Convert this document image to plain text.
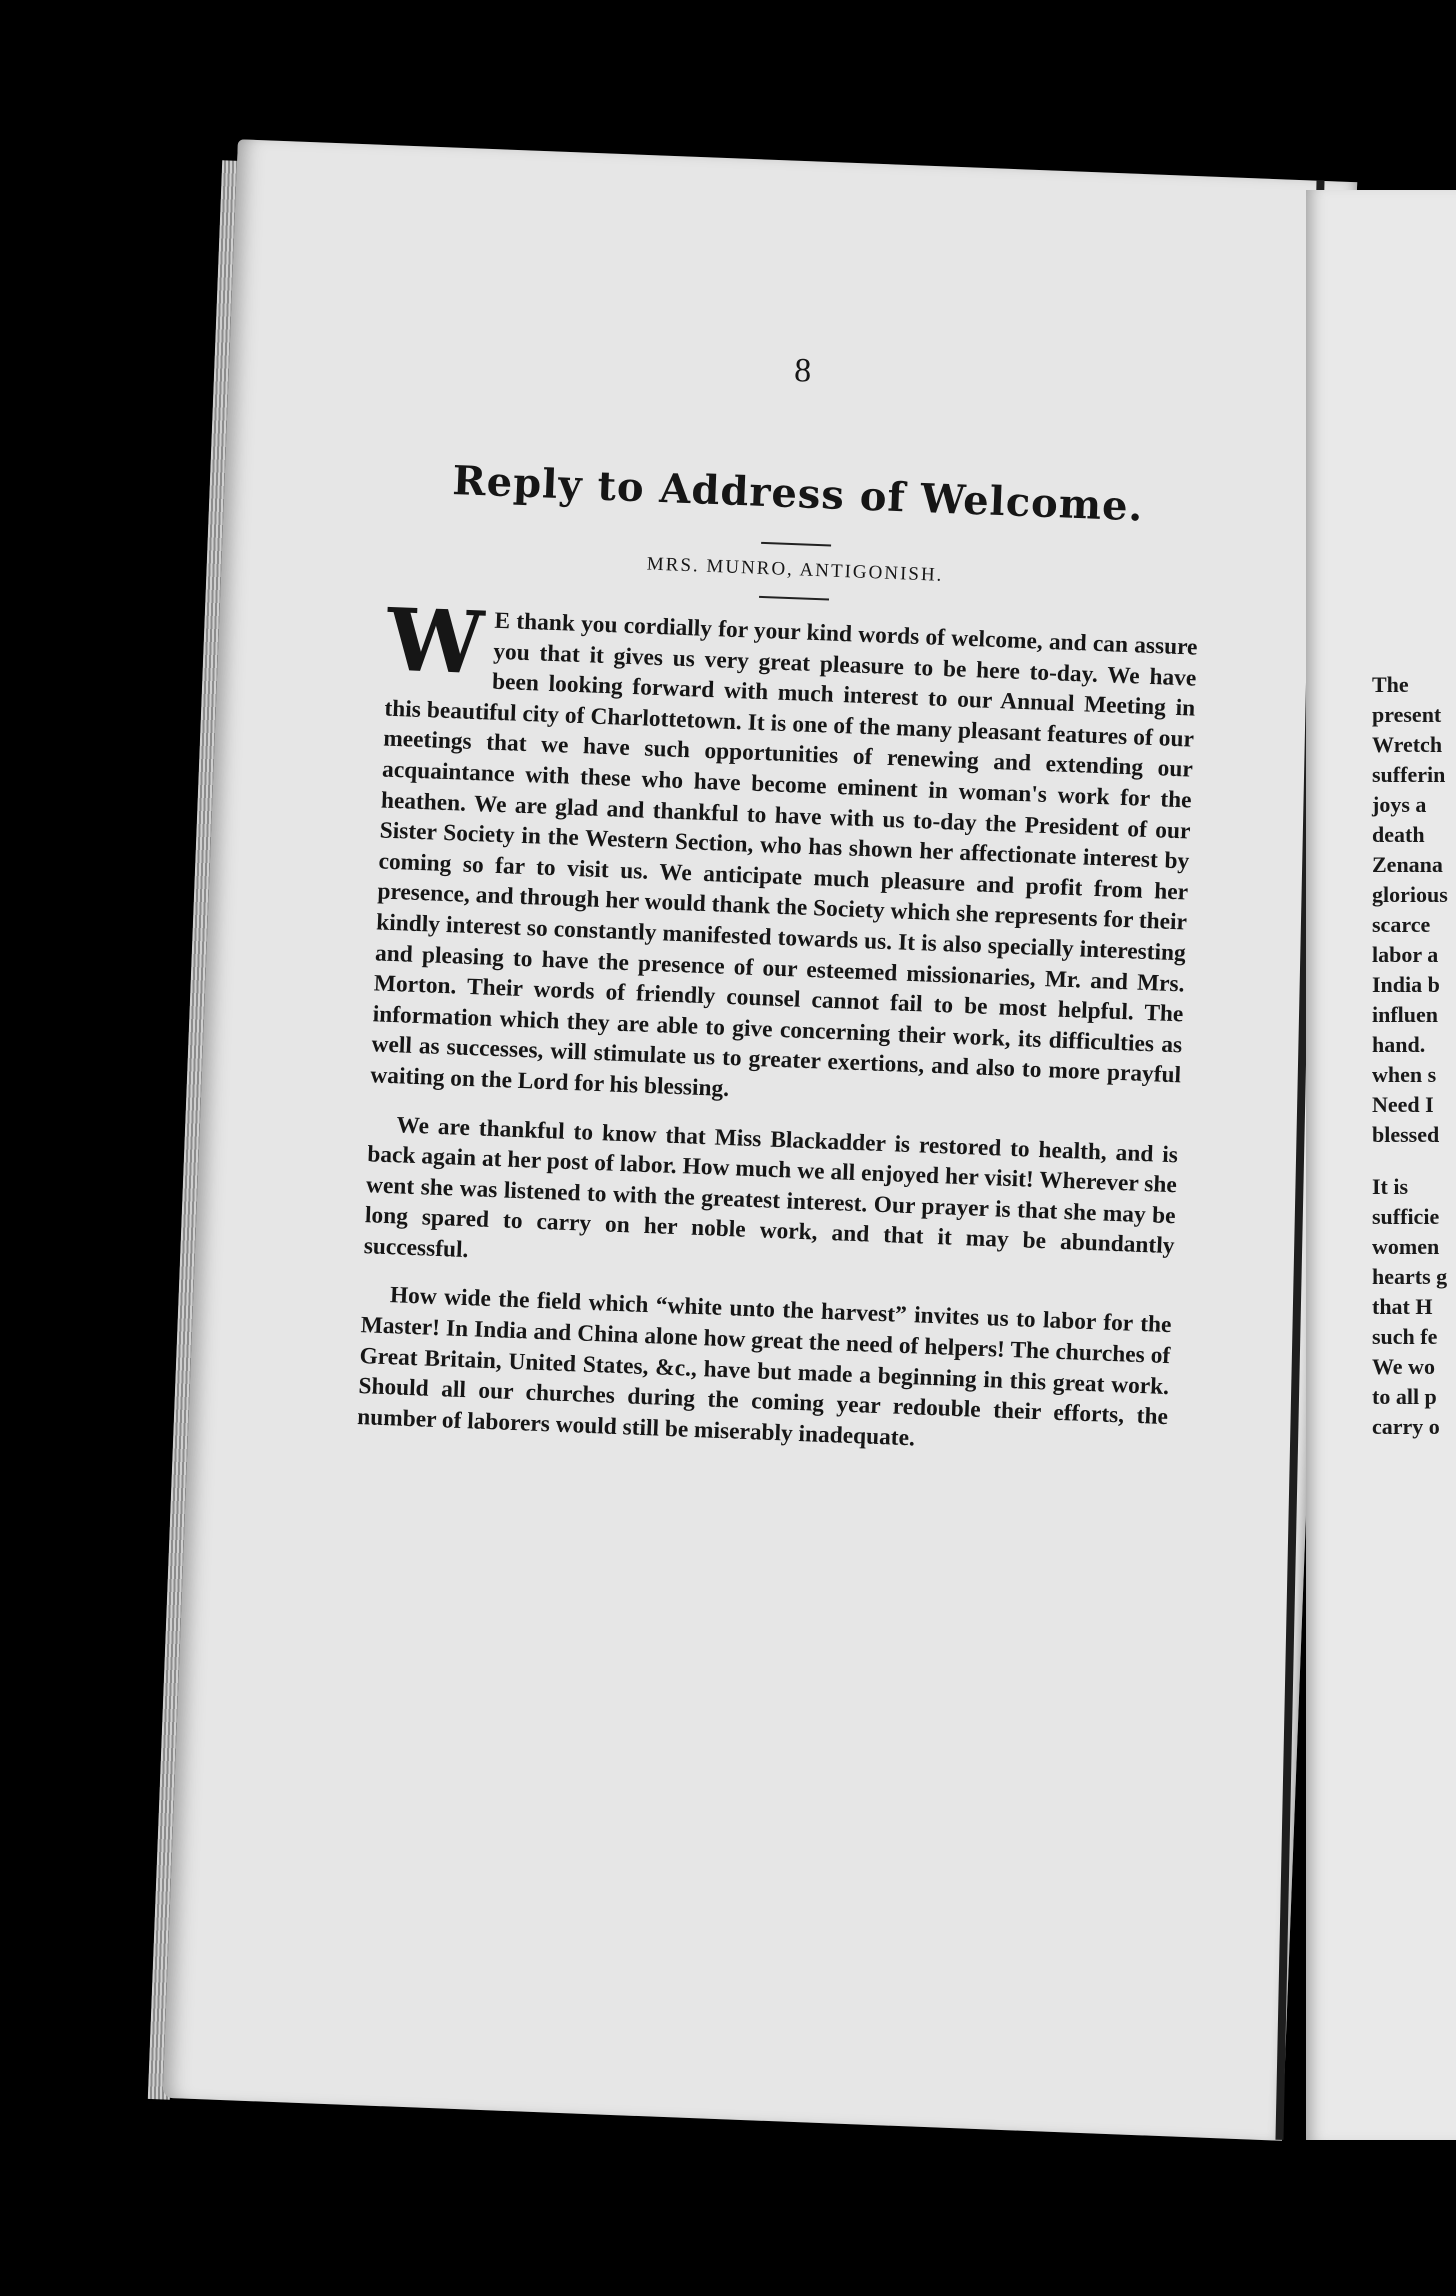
The
present
Wretch
sufferin
joys a
death
Zenana
glorious
scarce
labor a
India b
influen
hand.
when s
Need I
blessed
It is
sufficie
women
hearts g
that H
such fe
We wo
to all p
carry o
8
Reply to Address of Welcome.
MRS. MUNRO, ANTIGONISH.

W E thank you cordially for your kind words of welcome, and can assure you that it gives us very great pleasure to be here to-day. We have been looking forward with much interest to our Annual Meeting in this beautiful city of Charlottetown. It is one of the many pleasant features of our meetings that we have such opportunities of renewing and extending our acquaintance with these who have become eminent in woman's work for the heathen. We are glad and thankful to have with us to-day the President of our Sister Society in the Western Section, who has shown her affectionate interest by coming so far to visit us. We anticipate much pleasure and profit from her presence, and through her would thank the Society which she represents for their kindly interest so constantly manifested towards us. It is also specially interesting and pleasing to have the presence of our esteemed missionaries, Mr. and Mrs. Morton. Their words of friendly counsel cannot fail to be most helpful. The information which they are able to give concerning their work, its difficulties as well as successes, will stimulate us to greater exertions, and also to more prayful waiting on the Lord for his blessing.

We are thankful to know that Miss Blackadder is restored to health, and is back again at her post of labor. How much we all enjoyed her visit! Wherever she went she was listened to with the greatest interest. Our prayer is that she may be long spared to carry on her noble work, and that it may be abundantly successful.

How wide the field which “white unto the harvest” invites us to labor for the Master! In India and China alone how great the need of helpers! The churches of Great Britain, United States, &c., have but made a beginning in this great work. Should all our churches during the coming year redouble their efforts, the number of laborers would still be miserably inadequate.
